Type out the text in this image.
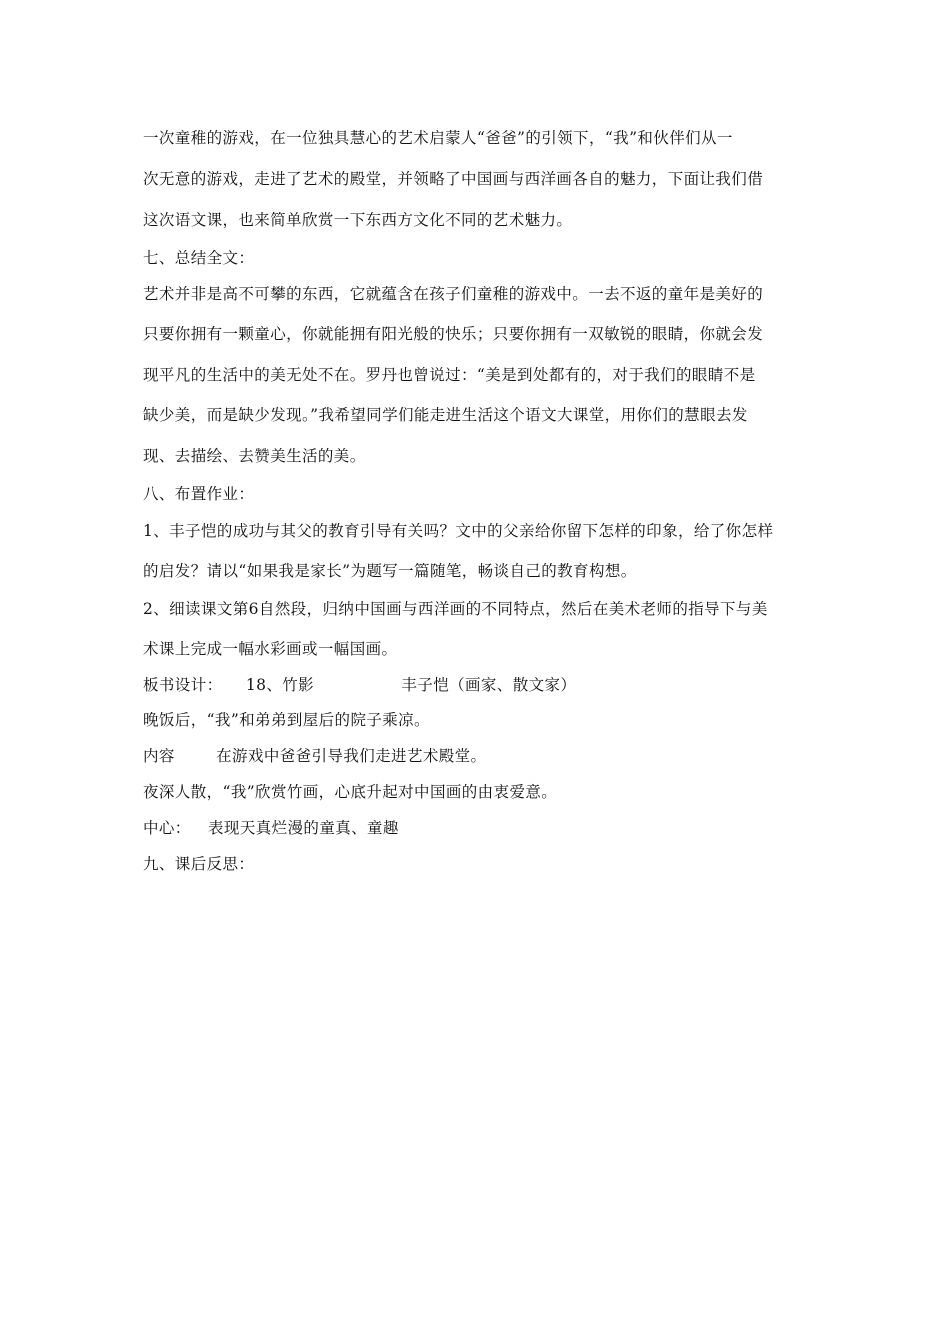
一次童稚的游戏，在一位独具慧心的艺术启蒙人“爸爸”的引领下，“我”和伙伴们从一
次无意的游戏，走进了艺术的殿堂，并领略了中国画与西洋画各自的魅力，下面让我们借
这次语文课，也来简单欣赏一下东西方文化不同的艺术魅力。
七、总结全文：
艺术并非是高不可攀的东西，它就蕴含在孩子们童稚的游戏中。一去不返的童年是美好的
只要你拥有一颗童心，你就能拥有阳光般的快乐；只要你拥有一双敏锐的眼睛，你就会发
现平凡的生活中的美无处不在。罗丹也曾说过：“美是到处都有的，对于我们的眼睛不是
缺少美，而是缺少发现。”我希望同学们能走进生活这个语文大课堂，用你们的慧眼去发
现、去描绘、去赞美生活的美。
八、布置作业：
1、丰子恺的成功与其父的教育引导有关吗？文中的父亲给你留下怎样的印象，给了你怎样
的启发？请以“如果我是家长”为题写一篇随笔，畅谈自己的教育构想。
2、细读课文第6自然段，归纳中国画与西洋画的不同特点，然后在美术老师的指导下与美
术课上完成一幅水彩画或一幅国画。
板书设计： 18、竹影	丰子恺（画家、散文家）
晚饭后，“我”和弟弟到屋后的院子乘凉。
内容	在游戏中爸爸引导我们走进艺术殿堂。
夜深人散，“我”欣赏竹画，心底升起对中国画的由衷爱意。
中心： 表现天真烂漫的童真、童趣
九、课后反思：
